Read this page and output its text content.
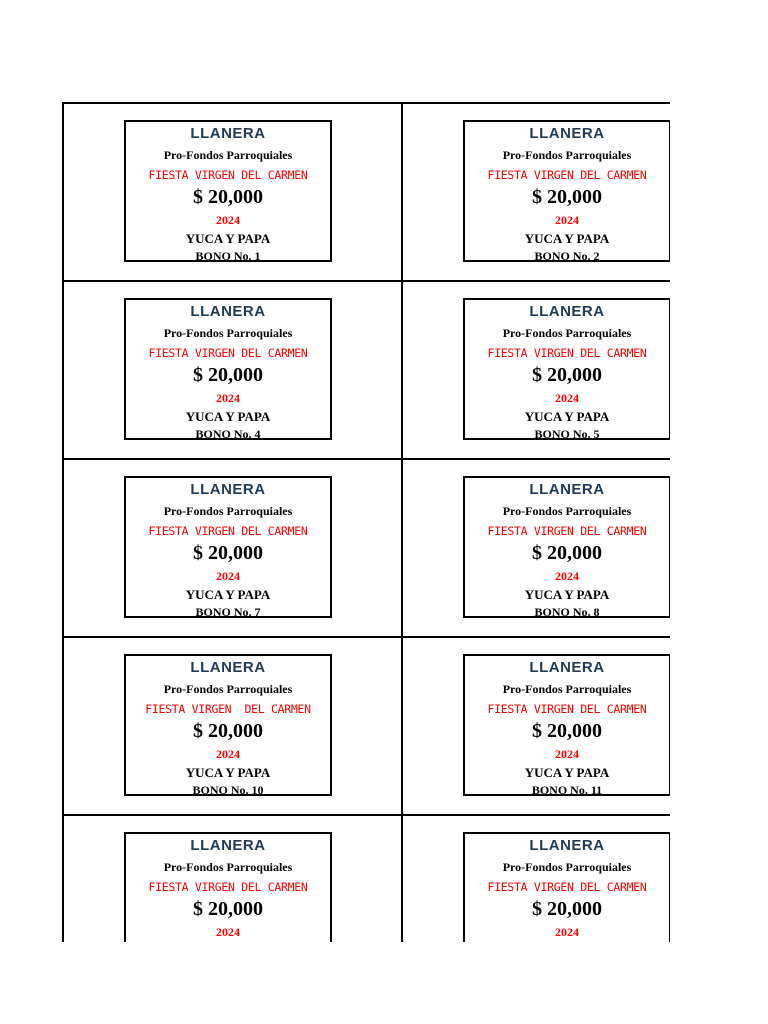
LLANERA
Pro-Fondos Parroquiales
FIESTA VIRGEN DEL CARMEN
$ 20,000
2024
YUCA Y PAPA
BONO No. 1
LLANERA
Pro-Fondos Parroquiales
FIESTA VIRGEN DEL CARMEN
$ 20,000
2024
YUCA Y PAPA
BONO No. 2
LLANERA
Pro-Fondos Parroquiales
FIESTA VIRGEN DEL CARMEN
$ 20,000
2024
YUCA Y PAPA
BONO No. 4
LLANERA
Pro-Fondos Parroquiales
FIESTA VIRGEN DEL CARMEN
$ 20,000
2024
YUCA Y PAPA
BONO No. 5
LLANERA
Pro-Fondos Parroquiales
FIESTA VIRGEN DEL CARMEN
$ 20,000
2024
YUCA Y PAPA
BONO No. 7
LLANERA
Pro-Fondos Parroquiales
FIESTA VIRGEN DEL CARMEN
$ 20,000
2024
YUCA Y PAPA
BONO No. 8
LLANERA
Pro-Fondos Parroquiales
FIESTA VIRGEN  DEL CARMEN
$ 20,000
2024
YUCA Y PAPA
BONO No. 10
LLANERA
Pro-Fondos Parroquiales
FIESTA VIRGEN DEL CARMEN
$ 20,000
2024
YUCA Y PAPA
BONO No. 11
LLANERA
Pro-Fondos Parroquiales
FIESTA VIRGEN DEL CARMEN
$ 20,000
2024
LLANERA
Pro-Fondos Parroquiales
FIESTA VIRGEN DEL CARMEN
$ 20,000
2024
